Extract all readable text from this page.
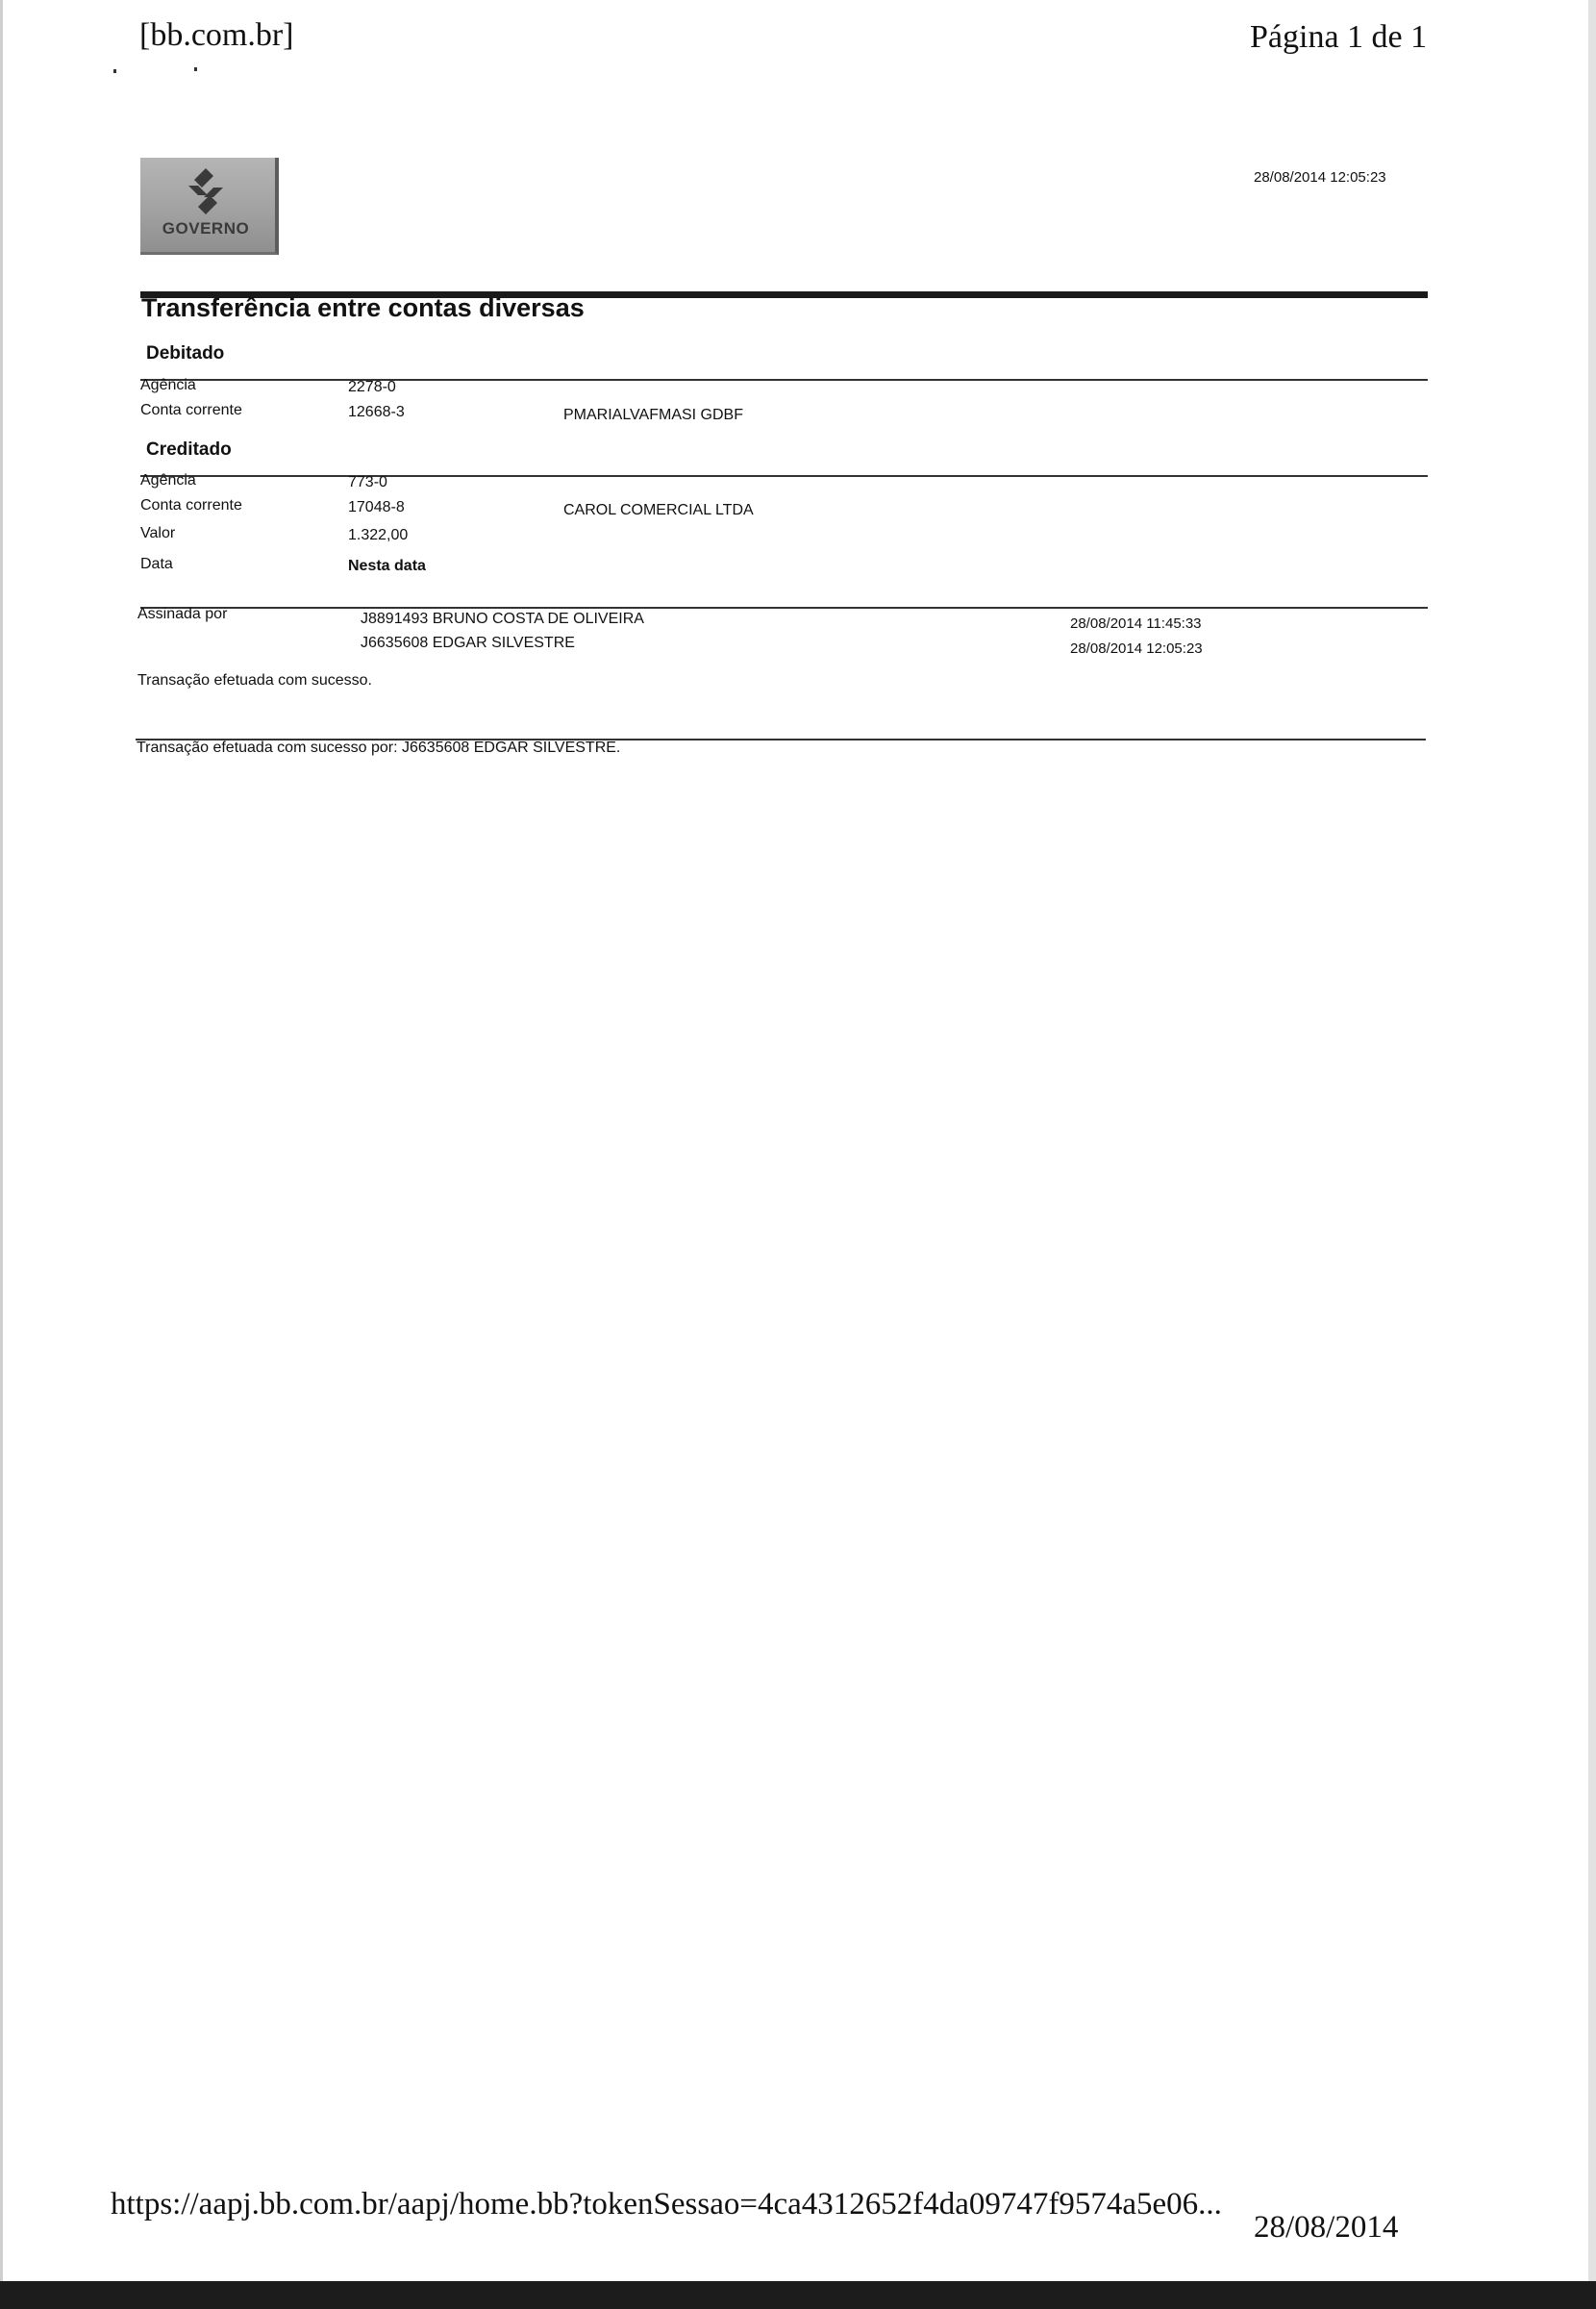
[bb.com.br]	Página 1 de 1
GOVERNO
28/08/2014 12:05:23
Transferência entre contas diversas
Debitado
Agência	2278-0
Conta corrente	12668-3	PMARIALVAFMASI GDBF
Creditado
Agência	773-0
Conta corrente	17048-8	CAROL COMERCIAL LTDA
Valor	1.322,00
Data	Nesta data
Assinada por	J8891493 BRUNO COSTA DE OLIVEIRA	28/08/2014 11:45:33
J6635608 EDGAR SILVESTRE	28/08/2014 12:05:23
Transação efetuada com sucesso.
Transação efetuada com sucesso por: J6635608 EDGAR SILVESTRE.
https://aapj.bb.com.br/aapj/home.bb?tokenSessao=4ca4312652f4da09747f9574a5e06...
28/08/2014
